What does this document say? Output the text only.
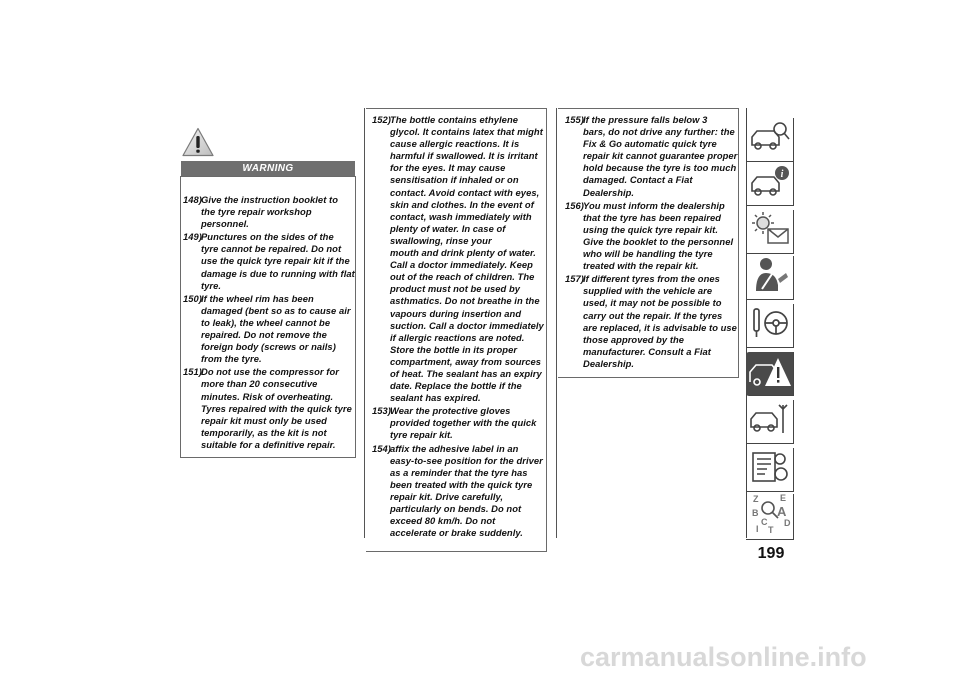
WARNING
148) Give the instruction booklet to
the tyre repair workshop
personnel.
149) Punctures on the sides of the
tyre cannot be repaired. Do not
use the quick tyre repair kit if the
damage is due to running with flat
tyre.
150) If the wheel rim has been
damaged (bent so as to cause air
to leak), the wheel cannot be
repaired. Do not remove the
foreign body (screws or nails)
from the tyre.
151) Do not use the compressor for
more than 20 consecutive
minutes. Risk of overheating.
Tyres repaired with the quick tyre
repair kit must only be used
temporarily, as the kit is not
suitable for a definitive repair.
152) The bottle contains ethylene
glycol. It contains latex that might
cause allergic reactions. It is
harmful if swallowed. It is irritant
for the eyes. It may cause
sensitisation if inhaled or on
contact. Avoid contact with eyes,
skin and clothes. In the event of
contact, wash immediately with
plenty of water. In case of
swallowing, rinse your
mouth and drink plenty of water.
Call a doctor immediately. Keep
out of the reach of children. The
product must not be used by
asthmatics. Do not breathe in the
vapours during insertion and
suction. Call a doctor immediately
if allergic reactions are noted.
Store the bottle in its proper
compartment, away from sources
of heat. The sealant has an expiry
date. Replace the bottle if the
sealant has expired.
153) Wear the protective gloves
provided together with the quick
tyre repair kit.
154) affix the adhesive label in an
easy-to-see position for the driver
as a reminder that the tyre has
been treated with the quick tyre
repair kit. Drive carefully,
particularly on bends. Do not
exceed 80 km/h. Do not
accelerate or brake suddenly.
155) If the pressure falls below 3
bars, do not drive any further: the
Fix & Go automatic quick tyre
repair kit cannot guarantee proper
hold because the tyre is too much
damaged. Contact a Fiat
Dealership.
156) You must inform the dealership
that the tyre has been repaired
using the quick tyre repair kit.
Give the booklet to the personnel
who will be handling the tyre
treated with the repair kit.
157) If different tyres from the ones
supplied with the vehicle are
used, it may not be possible to
carry out the repair. If the tyres
are replaced, it is advisable to use
those approved by the
manufacturer. Consult a Fiat
Dealership.
i
Z E
B A
C D
T
I
199
carmanualsonline.info
